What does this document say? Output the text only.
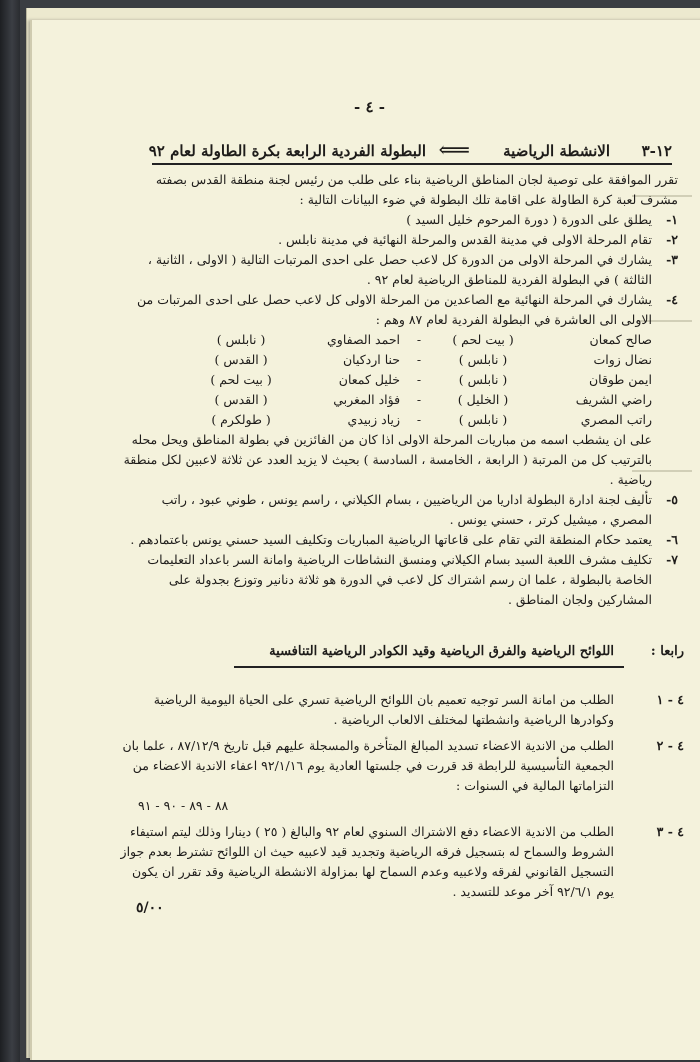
- ٤ -
١٢-٣
الانشطة الرياضية
⟸
البطولة الفردية الرابعة بكرة الطاولة لعام ٩٢

تقرر الموافقة على توصية لجان المناطق الرياضية بناء على طلب من رئيس لجنة منطقة القدس بصفته مشرف لعبة كرة الطاولة على اقامة تلك البطولة في ضوء البيانات التالية :

١-
يطلق على الدورة ( دورة المرحوم خليل السيد )
٢-
تقام المرحلة الاولى في مدينة القدس والمرحلة النهائية في مدينة نابلس .
٣-
يشارك في المرحلة الاولى من الدورة كل لاعب حصل على احدى المرتبات التالية ( الاولى ، الثانية ، الثالثة ) في البطولة الفردية للمناطق الرياضية لعام ٩٢ .
٤-
يشارك في المرحلة النهائية مع الصاعدين من المرحلة الاولى كل لاعب حصل على احدى المرتبات من الاولى الى العاشرة في البطولة الفردية لعام ٨٧ وهم :
صالح كمعان ( بيت لحم ) - احمد الصفاوي ( نابلس )
نضال زوات ( نابلس ) - حنا اردكيان ( القدس )
ايمن طوقان ( نابلس ) - خليل كمعان ( بيت لحم )
راضي الشريف ( الخليل ) - فؤاد المغربي ( القدس )
راتب المصري ( نابلس ) - زياد زبيدي ( طولكرم )

على ان يشطب اسمه من مباريات المرحلة الاولى اذا كان من الفائزين في بطولة المناطق ويحل محله بالترتيب كل من المرتبة ( الرابعة ، الخامسة ، السادسة ) بحيث لا يزيد العدد عن ثلاثة لاعبين لكل منطقة رياضية .

٥-
تأليف لجنة ادارة البطولة اداريا من الرياضيين ، بسام الكيلاني ، راسم يونس ، طوني عبود ، راتب المصري ، ميشيل كرتر ، حسني يونس .
٦-
يعتمد حكام المنطقة التي تقام على قاعاتها الرياضية المباريات وتكليف السيد حسني يونس باعتمادهم .
٧-
تكليف مشرف اللعبة السيد بسام الكيلاني ومنسق النشاطات الرياضية وامانة السر باعداد التعليمات الخاصة بالبطولة ، علما ان رسم اشتراك كل لاعب في الدورة هو ثلاثة دنانير وتوزع بجدولة على المشاركين ولجان المناطق .
رابعا :
اللوائح الرياضية والفرق الرياضية وقيد الكوادر الرياضية التنافسية
٤ - ١
الطلب من امانة السر توجيه تعميم بان اللوائح الرياضية تسري على الحياة اليومية الرياضية وكوادرها الرياضية وانشطتها لمختلف الالعاب الرياضية .
٤ - ٢
الطلب من الاندية الاعضاء تسديد المبالغ المتأخرة والمسجلة عليهم قبل تاريخ ٨٧/١٢/٩ ، علما بان الجمعية التأسيسية للرابطة قد قررت في جلستها العادية يوم ٩٢/١/١٦ اعفاء الاندية الاعضاء من التزاماتها المالية في السنوات :
٨٨ - ٨٩ - ٩٠ - ٩١
٤ - ٣
الطلب من الاندية الاعضاء دفع الاشتراك السنوي لعام ٩٢ والبالغ ( ٢٥ ) دينارا وذلك ليتم استيفاء الشروط والسماح له بتسجيل فرقه الرياضية وتجديد قيد لاعبيه حيث ان اللوائح تشترط بعدم جواز التسجيل القانوني لفرقه ولاعبيه وعدم السماح لها بمزاولة الانشطة الرياضية وقد تقرر ان يكون يوم ٩٢/٦/١ آخر موعد للتسديد .
٥/٠٠
